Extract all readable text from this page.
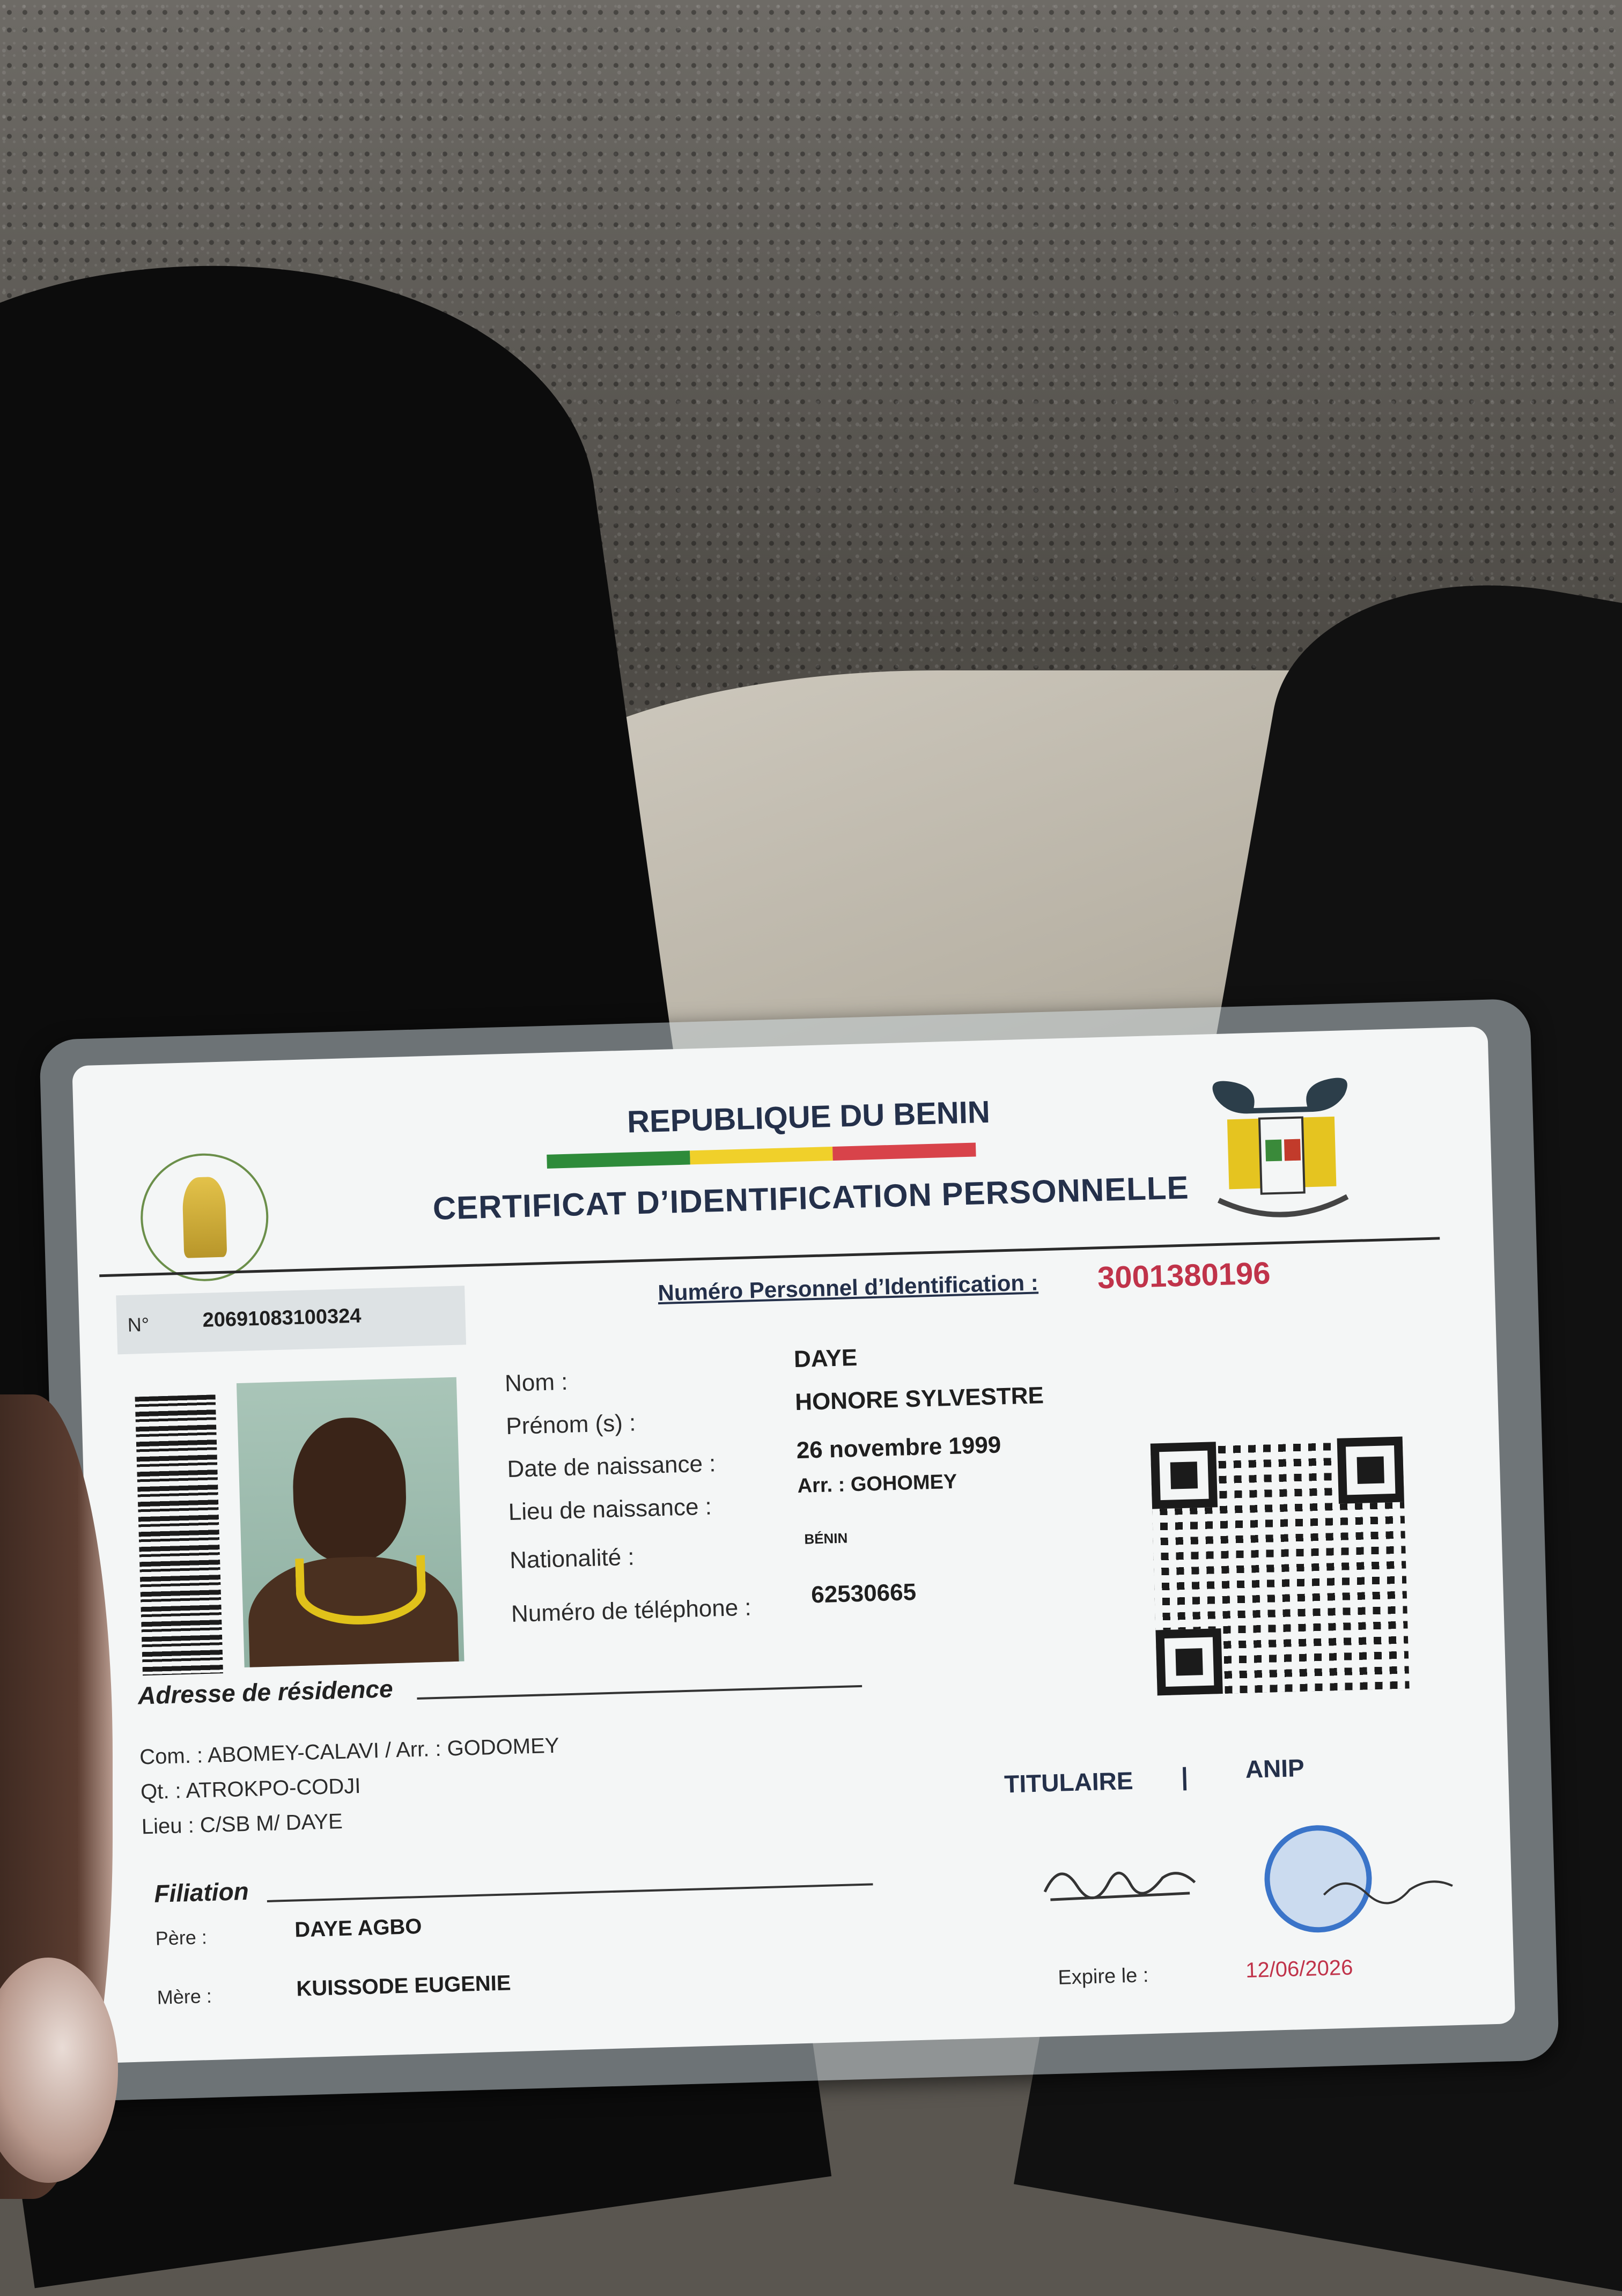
REPUBLIQUE DU BENIN
CERTIFICAT D’IDENTIFICATION PERSONNELLE
N°	20691083100324
Numéro Personnel d’Identification : 3001380196
Nom :
DAYE
Prénom (s) :
HONORE SYLVESTRE
Date de naissance :
26 novembre 1999
Lieu de naissance :
Arr. : GOHOMEY
Nationalité :
BÉNIN
Numéro de téléphone :
62530665
Adresse de résidence
Com. : ABOMEY-CALAVI / Arr. : GODOMEY
Qt. : ATROKPO-CODJI
Lieu : C/SB M/ DAYE
Filiation
Père :	DAYE AGBO
Mère :	KUISSODE EUGENIE
TITULAIRE | ANIP
Expire le :	12/06/2026
